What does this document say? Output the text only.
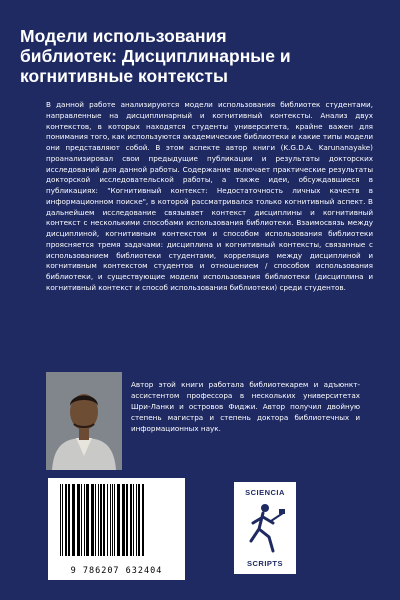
Модели использования
библиотек: Дисциплинарные и
когнитивные контексты

В данной работе анализируются модели использования библиотек студентами, направленные на дисциплинарный и когнитивный контексты. Анализ двух контекстов, в которых находятся студенты университета, крайне важен для понимания того, как используются академические библиотеки и какие типы модели они представляют собой. В этом аспекте автор книги (K.G.D.A. Karunanayake) проанализировал свои предыдущие публикации и результаты докторских исследований для данной работы. Содержание включает практические результаты докторской исследовательской работы, а также идеи, обсуждавшиеся в публикациях: "Когнитивный контекст: Недостаточность личных качеств в информационном поиске", в которой рассматривался только когнитивный аспект. В дальнейшем исследование связывает контекст дисциплины и когнитивный контекст с несколькими способами использования библиотеки. Взаимосвязь между дисциплиной, когнитивным контекстом и способом использования библиотеки проясняется тремя задачами: дисциплина и когнитивный контексты, связанные с использованием библиотеки студентами, корреляция между дисциплиной и когнитивным контекстом студентов и отношением / способом использования библиотеки, и существующие модели использования библиотеки (дисциплина и когнитивный контекст и способ использования библиотеки) среди студентов.

Автор этой книги работала библиотекарем и адъюнкт-ассистентом профессора в нескольких университетах Шри-Ланки и островов Фиджи. Автор получил двойную степень магистра и степень доктора библиотечных и информационных наук.

9 786207 632404
SCIENCIA
SCRIPTS
